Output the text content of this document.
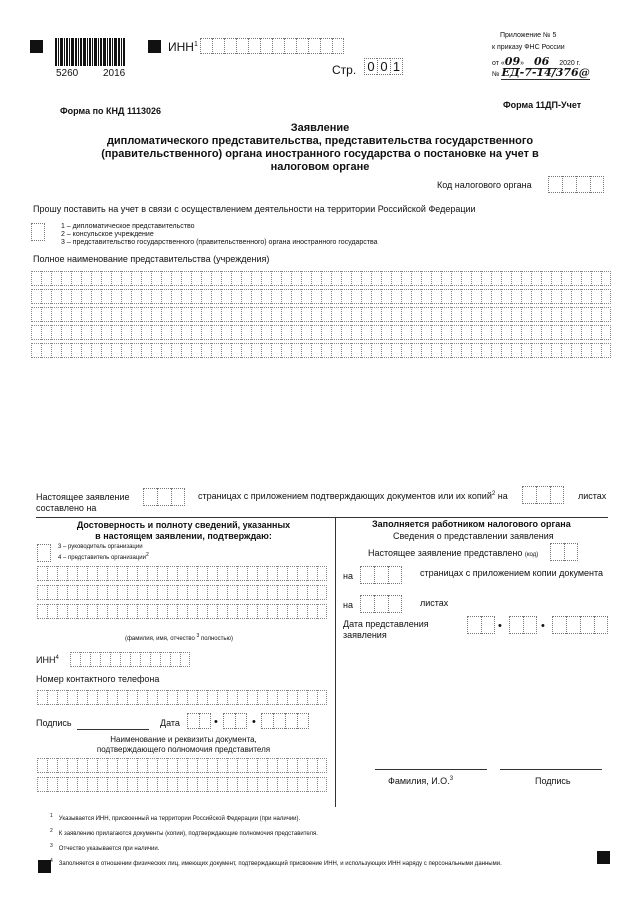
5260 2016
ИНН$^1$
Стр. 0 0 1
Приложение № 5
к приказу ФНС России
от «09» 06 2020 г.
№ ЕД-7-14/376@
Форма по КНД 1113026
Форма 11ДП-Учет
Заявление
дипломатического представительства, представительства государственного
(правительственного) органа иностранного государства о постановке на учет в
налоговом органе
Код налогового органа
Прошу поставить на учет в связи с осуществлением деятельности на территории Российской Федерации
1 – дипломатическое представительство
2 – консульское учреждение
3 – представительство государственного (правительственного) органа иностранного государства
Полное наименование представительства (учреждения)
Настоящее заявление
составлено на
страницах с приложением подтверждающих документов или их копий$^2$ на	листах
Достоверность и полноту сведений, указанных
в настоящем заявлении, подтверждаю:
3 – руководитель организации
4 – представитель организации$^2$
(фамилия, имя, отчество $^3$ полностью)
ИНН$^4$
Номер контактного телефона
Подпись	Дата	•	•
Наименование и реквизиты документа,
подтверждающего полномочия представителя
Заполняется работником налогового органа
Сведения о представлении заявления
Настоящее заявление представлено (код)
на	страницах с приложением копии документа
на	листах
Дата представления
заявления
•	•
Фамилия, И.О.$^3$	Подпись
$^1$ Указывается ИНН, присвоенный на территории Российской Федерации (при наличии).
$^2$ К заявлению прилагаются документы (копии), подтверждающие полномочия представителя.
$^3$ Отчество указывается при наличии.
$^4$ Заполняется в отношении физических лиц, имеющих документ, подтверждающий присвоение ИНН, и использующих ИНН наряду с персональными данными.
